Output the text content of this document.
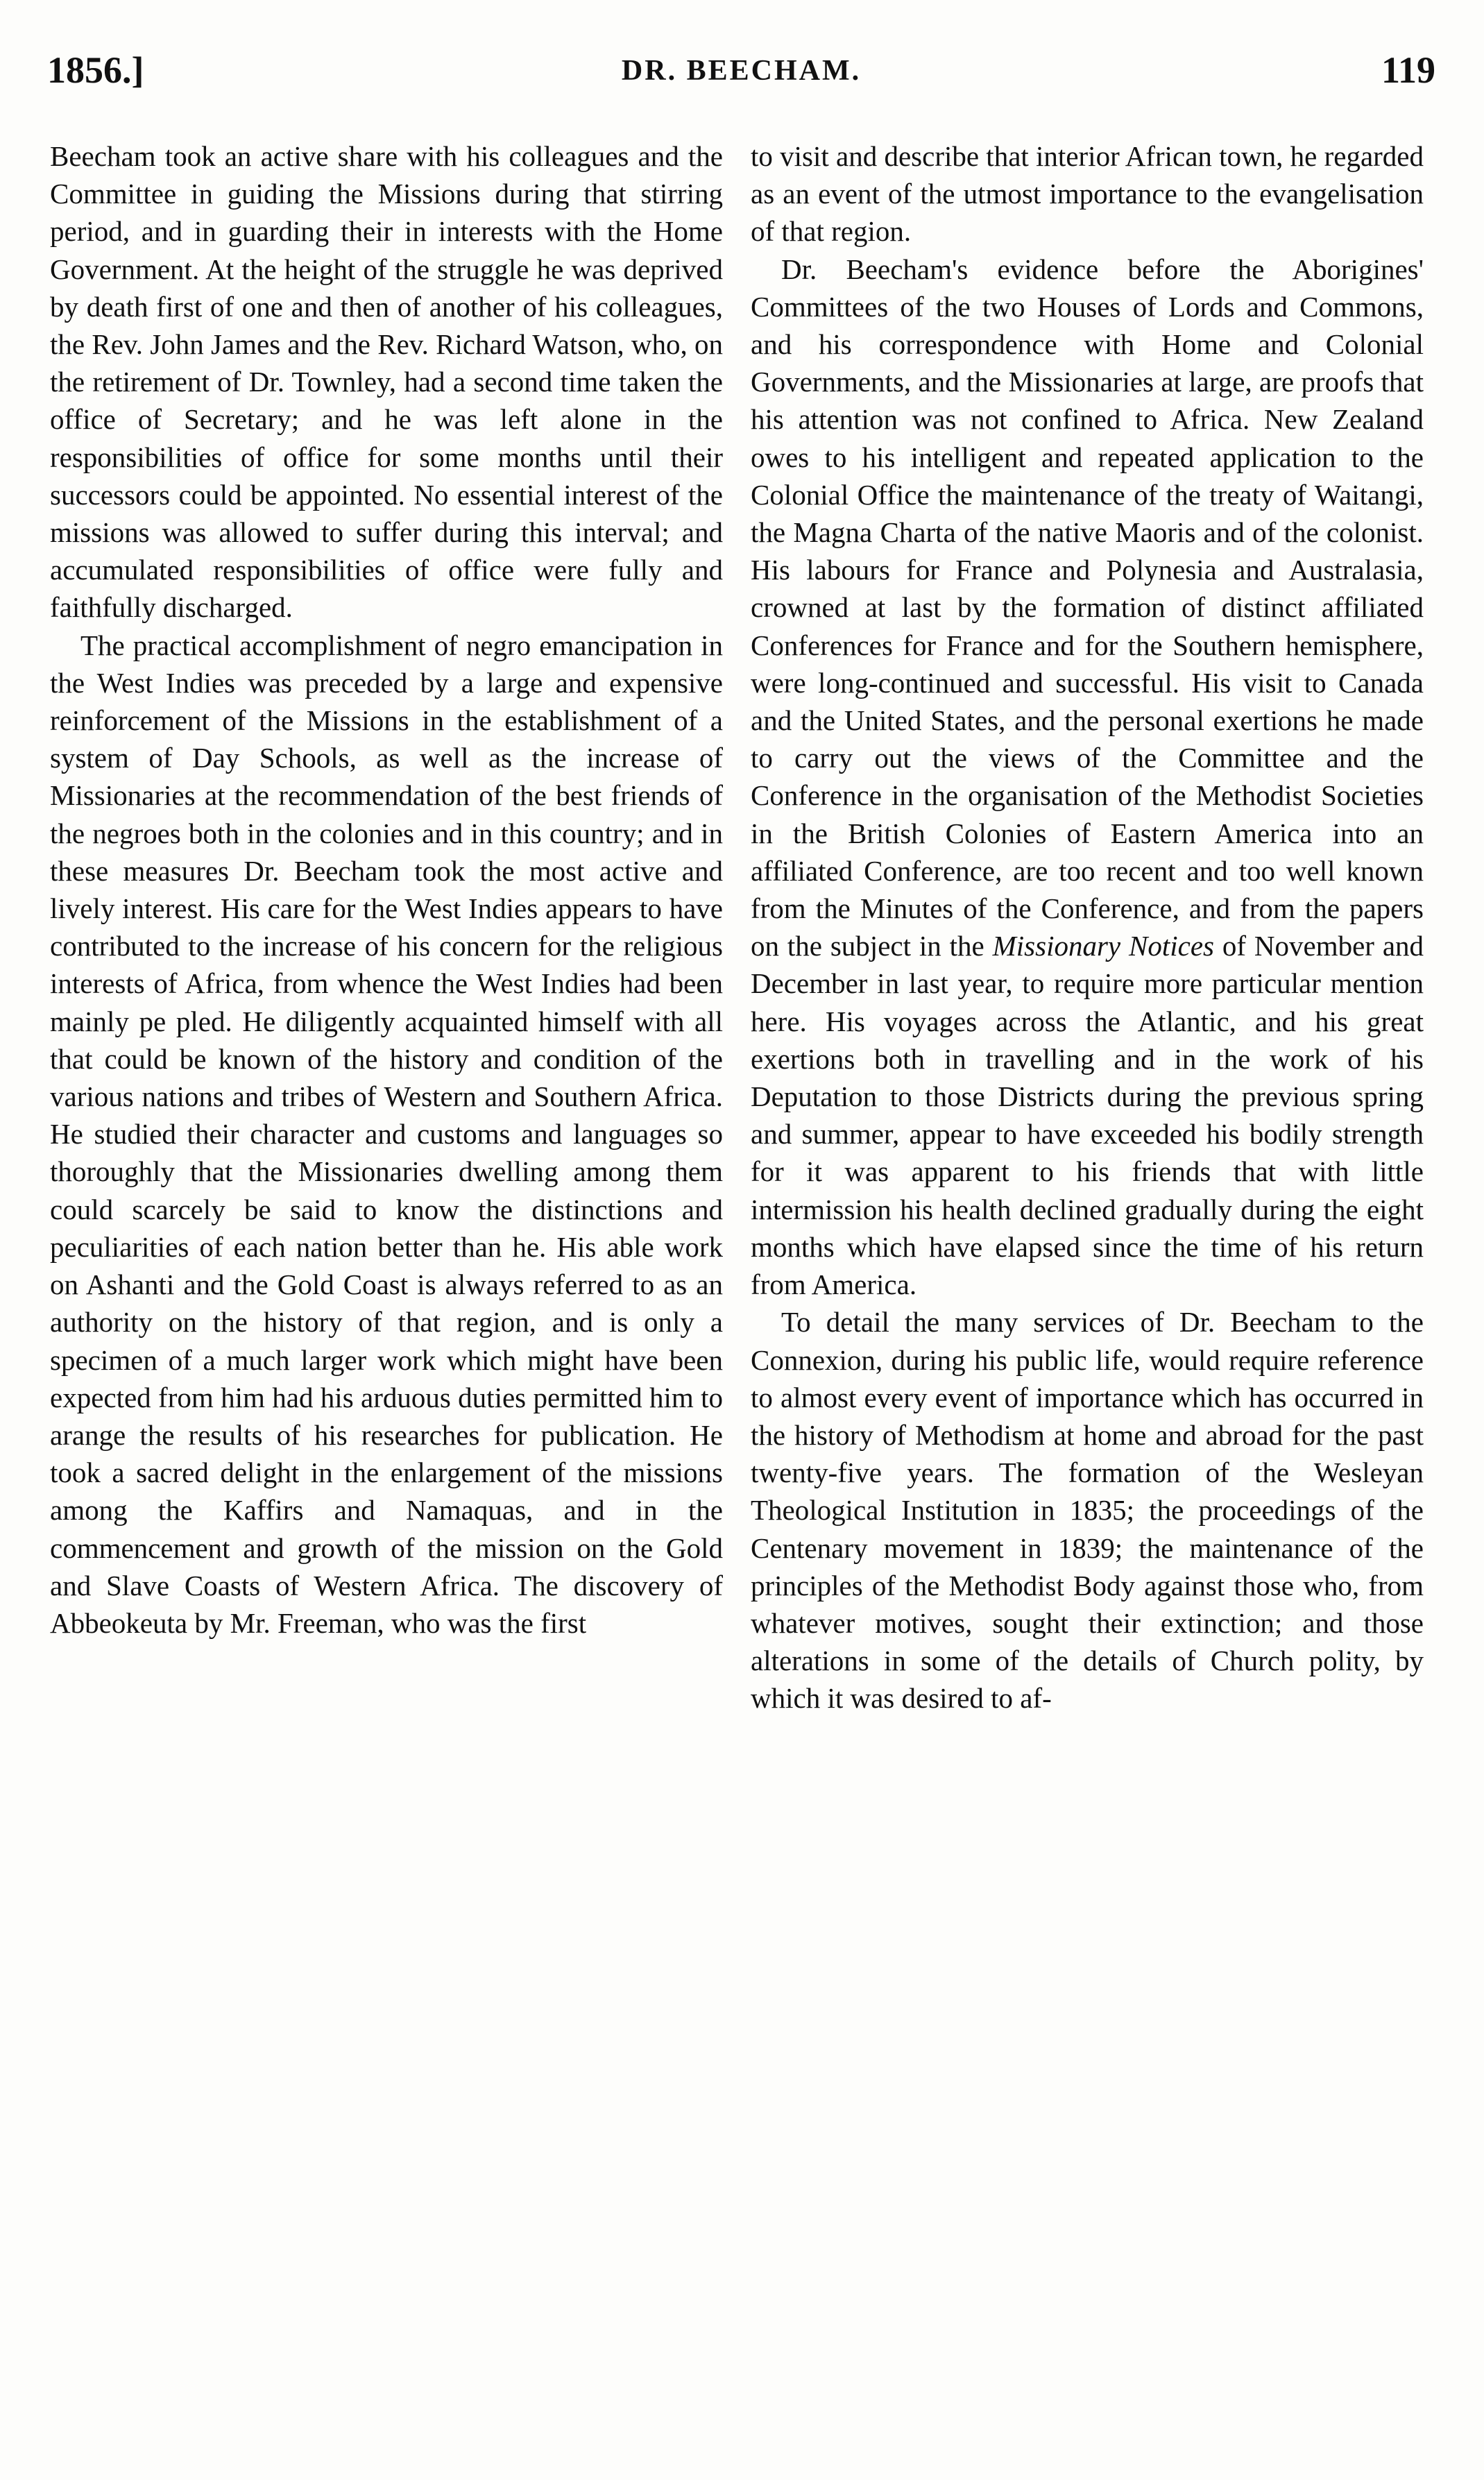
1856.]	DR. BEECHAM.	119

Beecham took an active share with his colleagues and the Committee in guiding the Missions during that stirring period, and in guarding their in interests with the Home Government. At the height of the struggle he was deprived by death first of one and then of another of his colleagues, the Rev. John James and the Rev. Richard Watson, who, on the retirement of Dr. Townley, had a second time taken the office of Secretary; and he was left alone in the responsibilities of office for some months until their successors could be appointed. No essential interest of the missions was allowed to suffer during this interval; and accumulated responsibilities of office were fully and faithfully discharged.

The practical accomplishment of negro emancipation in the West Indies was preceded by a large and expensive reinforcement of the Missions in the establishment of a system of Day Schools, as well as the increase of Missionaries at the recommendation of the best friends of the negroes both in the colonies and in this country; and in these measures Dr. Beecham took the most active and lively interest. His care for the West Indies appears to have contributed to the increase of his concern for the religious interests of Africa, from whence the West Indies had been mainly pe pled. He diligently acquainted himself with all that could be known of the history and condition of the various nations and tribes of Western and Southern Africa. He studied their character and customs and languages so thoroughly that the Missionaries dwelling among them could scarcely be said to know the distinctions and peculiarities of each nation better than he. His able work on Ashanti and the Gold Coast is always referred to as an authority on the history of that region, and is only a specimen of a much larger work which might have been expected from him had his arduous duties permitted him to arange the results of his researches for publication. He took a sacred delight in the enlargement of the missions among the Kaffirs and Namaquas, and in the commencement and growth of the mission on the Gold and Slave Coasts of Western Africa. The discovery of Abbeokeuta by Mr. Freeman, who was the first

to visit and describe that interior African town, he regarded as an event of the utmost importance to the evangelisation of that region.

Dr. Beecham's evidence before the Aborigines' Committees of the two Houses of Lords and Commons, and his correspondence with Home and Colonial Governments, and the Missionaries at large, are proofs that his attention was not confined to Africa. New Zealand owes to his intelligent and repeated application to the Colonial Office the maintenance of the treaty of Waitangi, the Magna Charta of the native Maoris and of the colonist. His labours for France and Polynesia and Australasia, crowned at last by the formation of distinct affiliated Conferences for France and for the Southern hemisphere, were long-continued and successful. His visit to Canada and the United States, and the personal exertions he made to carry out the views of the Committee and the Conference in the organisation of the Methodist Societies in the British Colonies of Eastern America into an affiliated Conference, are too recent and too well known from the Minutes of the Conference, and from the papers on the subject in the Missionary Notices of November and December in last year, to require more particular mention here. His voyages across the Atlantic, and his great exertions both in travelling and in the work of his Deputation to those Districts during the previous spring and summer, appear to have exceeded his bodily strength for it was apparent to his friends that with little intermission his health declined gradually during the eight months which have elapsed since the time of his return from America.

To detail the many services of Dr. Beecham to the Connexion, during his public life, would require reference to almost every event of importance which has occurred in the history of Methodism at home and abroad for the past twenty-five years. The formation of the Wesleyan Theological Institution in 1835; the proceedings of the Centenary movement in 1839; the maintenance of the principles of the Methodist Body against those who, from whatever motives, sought their extinction; and those alterations in some of the details of Church polity, by which it was desired to af-
